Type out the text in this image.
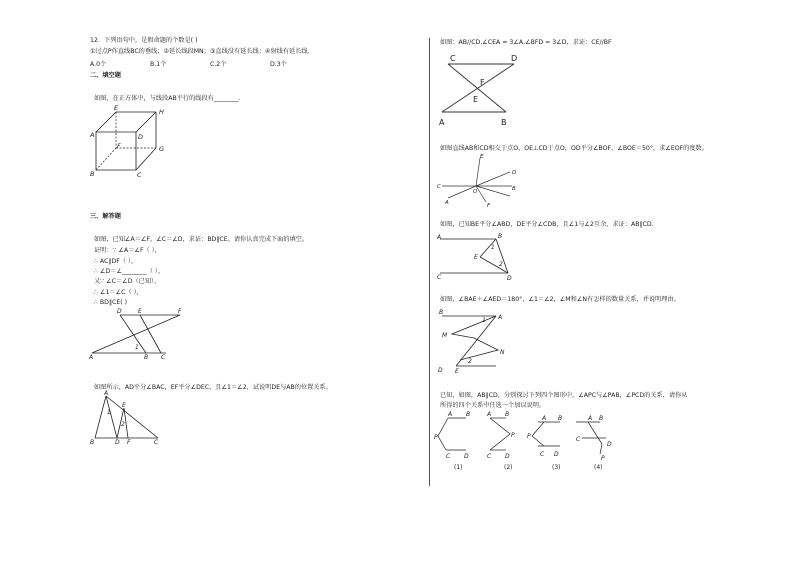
12．下列语句中，是假命题的个数是( )
①过点P作直线BC的垂线；②延长线段MN；③直线没有延长线；④射线有延长线．
A.0个	B.1个	C.2个	D.3个
二、填空题
如图，在正方体中，与线段AB平行的线段有________.
E	H
A	D
F	G
B	C
三、解答题
如图，已知∠A＝∠F，∠C＝∠D，求证：BD∥CE。请你认真完成下面的填空。
证明：∵ ∠A＝∠F（ ），
∴ AC∥DF（ ），
∴ ∠D＝∠________（ ），
又∵ ∠C＝∠D（已知），
∴ ∠1＝∠C（ ），
∴ BD∥CE( )
D	E	F
1
A	B C
如图所示，AD平分∠BAC，EF平分∠DEC，且∠1＝∠2，试说明DE与AB的位置关系。
A
E
1
2
B	D F	C
如图：AB//CD,∠CEA = 3∠A,∠BFD = 3∠D，求证：CE//BF
C	D
F
E
A	B
如图直线AB和CD相交于点O，OE⊥CD于点O，OD平分∠BOF，∠BOE＝50°，求∠EOF的度数。
E
C
D
B
O
A	F
如图，已知BE平分∠ABD，DE平分∠CDB，且∠1与∠2互余，求证：AB∥CD.
A	B
1
E
2
C	D
如图，∠BAE＋∠AED＝180°，∠1＝∠2，∠M和∠N有怎样的数量关系，并说明理由。
B
A
1
M
N
2
D E
已知，如图，AB∥CD，分别探讨下列四个图形中，∠APC与∠PAB，∠PCD的关系，请你从
所得的四个关系中任选一个加以说明。
A B
P
C D
A B
P
C D
A B
P
C D
A B
C
D
P
(1)	(2)	(3)	(4)
